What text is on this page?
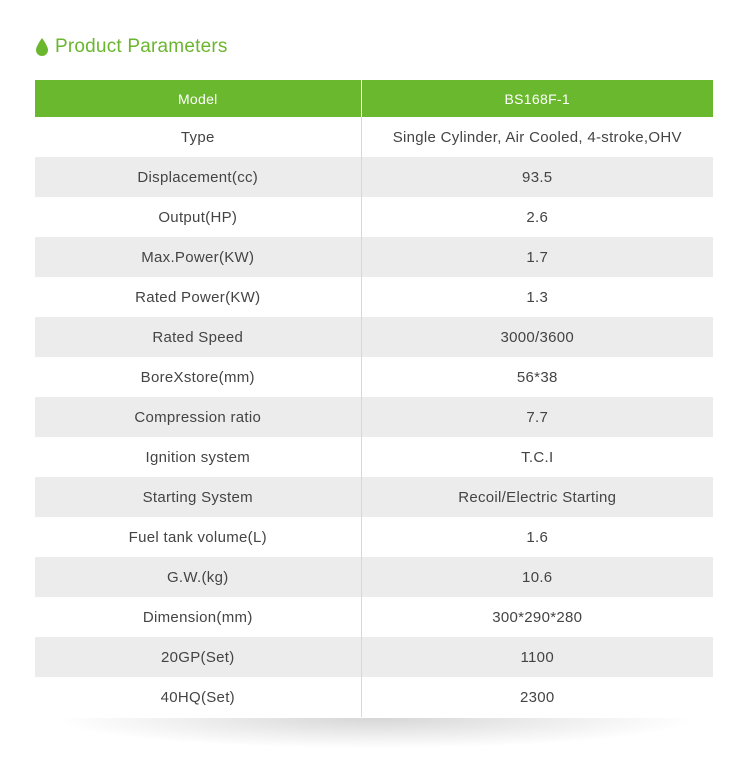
Product Parameters
Model	BS168F-1
Type	Single Cylinder, Air Cooled, 4-stroke,OHV
Displacement(cc)	93.5
Output(HP)	2.6
Max.Power(KW)	1.7
Rated Power(KW)	1.3
Rated Speed	3000/3600
BoreXstore(mm)	56*38
Compression ratio	7.7
Ignition system	T.C.I
Starting System	Recoil/Electric Starting
Fuel tank volume(L)	1.6
G.W.(kg)	10.6
Dimension(mm)	300*290*280
20GP(Set)	1100
40HQ(Set)	2300
